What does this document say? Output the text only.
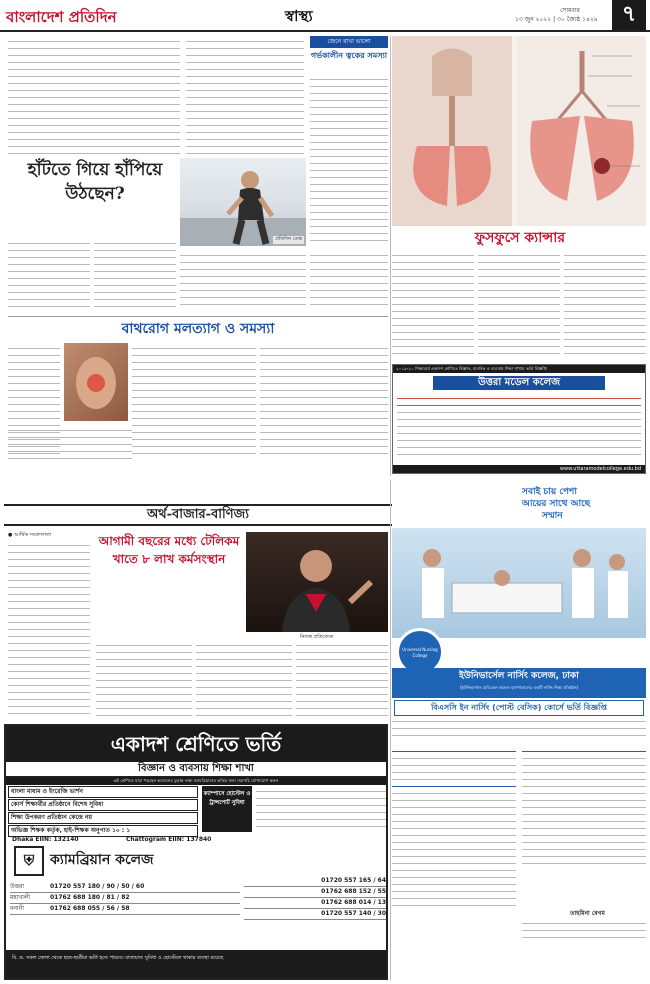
বাংলাদেশ প্রতিদিন	স্বাস্থ্য	সোমবার
১৩ জুন ২০২২ | ৩০ জ্যৈষ্ঠ ১৪২৯	৭
হাঁটতে গিয়ে হাঁপিয়ে উঠছেন?
প্রতিদিন ডেস্ক
বাথরোগ মলত্যাগ ও সমস্যা
জেনে রাখা ভালো
গর্ভকালীন ত্বকের সমস্যা
ফুসফুসে ক্যান্সার
২০১৯-২০ শিক্ষাবর্ষে একাদশ শ্রেণিতে বিজ্ঞান, মানবিক ও ব্যবসায় শিক্ষা শাখায় ভর্তি বিজ্ঞপ্তি
উত্তরা মডেল কলেজ
www.uttaramodelcollege.edu.bd
অর্থ-বাজার-বাণিজ্য
● আর্থিক সংবাদদাতা	আগামী বছরের মধ্যে টেলিকম খাতে ৮ লাখ কর্মসংস্থান
নিজস্ব প্রতিবেদক
সবাই চায় পেশা
আয়ের সাথে আছে
সম্মান
Universal Nursing College
ইউনিভার্সেল নার্সিং কলেজ, ঢাকা
(ইউনিভার্সাল মেডিকেল কলেজ হাসপাতালের একটি নার্সিং শিক্ষা প্রতিষ্ঠান)
বিএসসি ইন নার্সিং (পোস্ট বেসিক) কোর্সে ভর্তি বিজ্ঞপ্তি
তাহমিনা বেগম
একাদশ শ্রেণিতে ভর্তি
বিজ্ঞান ও ব্যবসায় শিক্ষা শাখা
৬ষ্ঠ শ্রেণিতে যারা পড়ছেন কলেজের চূড়ান্ত লক্ষ্য ক্যামব্রিয়ানের ভর্তির জন্য সরাসরি যোগাযোগ করুন
বাংলা মাধ্যম ও ইংরেজি ভার্শন
কোর্স শিক্ষার্থীর প্রতিষ্ঠানে বিশেষ সুবিধা
শিক্ষা উপকরণ প্রতিষ্ঠান কেন্দ্রে নয়
অভিজ্ঞ শিক্ষক কর্তৃক, হাই-শিক্ষক অনুপাত ১০ : ১
ক্যাম্পাসে হোস্টেল ও ট্রান্সপোর্ট সুবিধা
Dhaka EIIN: 132140	Chattogram EIIN: 137840
⛨	ক্যামব্রিয়ান কলেজ
উত্তরা	01720 557 180 / 90 / 50 / 60
মহাখালী	01762 688 180 / 81 / 82
বনানী	01762 688 055 / 56 / 58
01720 557 165 / 64
01762 688 152 / 55
01762 688 014 / 13
01720 557 140 / 30
বি. দ্র. সকল জেলা থেকে ছাত্র-ছাত্রীরা ভর্তি হতে পারবে। যাতায়াত সুবিধা ও হোস্টেলে থাকার ব্যবস্থা রয়েছে
